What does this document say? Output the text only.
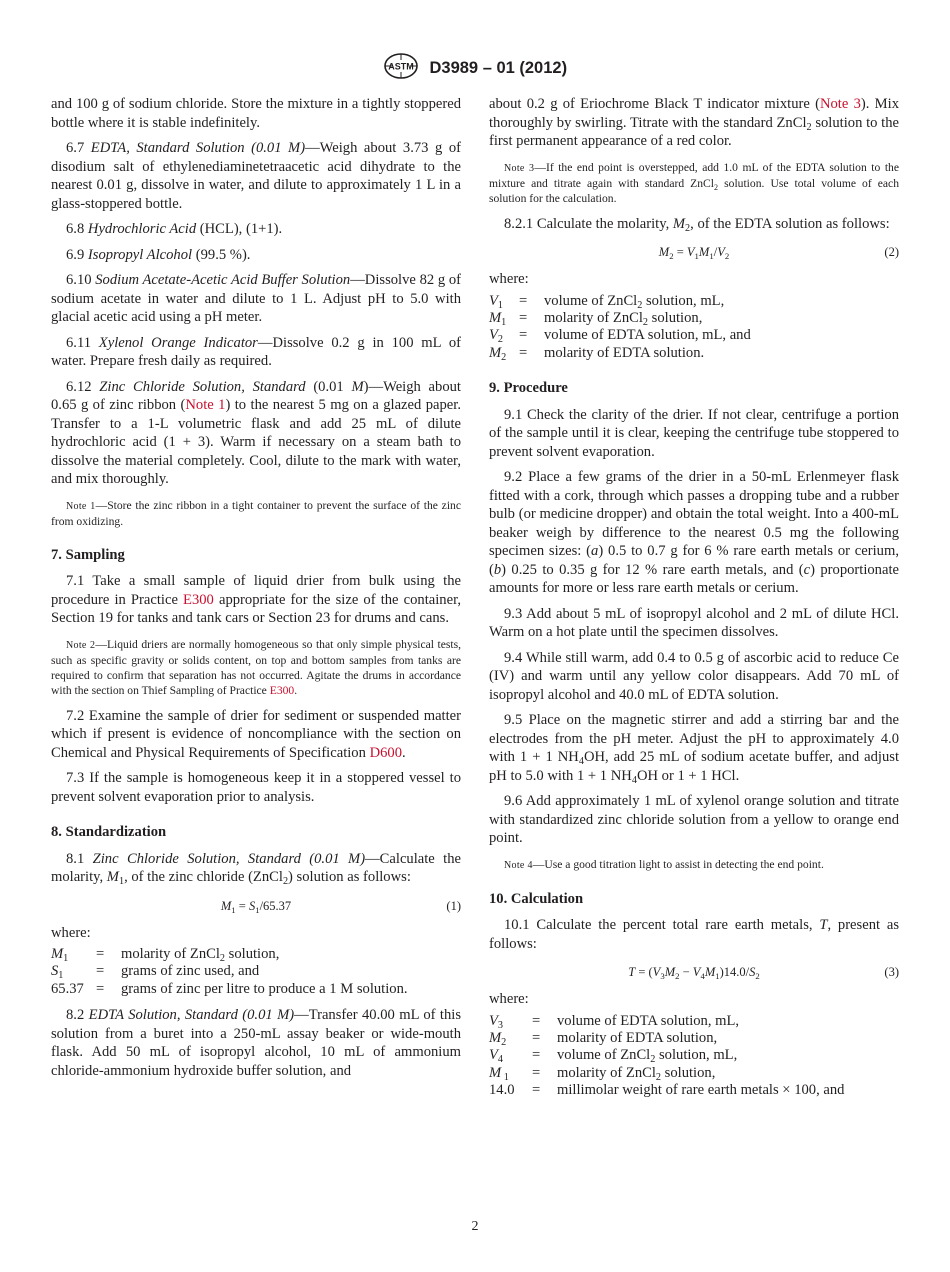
ASTM D3989 – 01 (2012)

and 100 g of sodium chloride. Store the mixture in a tightly stoppered bottle where it is stable indefinitely.

6.7 EDTA, Standard Solution (0.01 M)—Weigh about 3.73 g of disodium salt of ethylenediaminetetraacetic acid dihydrate to the nearest 0.01 g, dissolve in water, and dilute to approximately 1 L in a glass-stoppered bottle.

6.8 Hydrochloric Acid (HCL), (1+1).

6.9 Isopropyl Alcohol (99.5 %).

6.10 Sodium Acetate-Acetic Acid Buffer Solution—Dissolve 82 g of sodium acetate in water and dilute to 1 L. Adjust pH to 5.0 with glacial acetic acid using a pH meter.

6.11 Xylenol Orange Indicator—Dissolve 0.2 g in 100 mL of water. Prepare fresh daily as required.

6.12 Zinc Chloride Solution, Standard (0.01 M)—Weigh about 0.65 g of zinc ribbon (Note 1) to the nearest 5 mg on a glazed paper. Transfer to a 1-L volumetric flask and add 25 mL of dilute hydrochloric acid (1 + 3). Warm if necessary on a steam bath to dissolve the material completely. Cool, dilute to the mark with water, and mix thoroughly.

Note 1—Store the zinc ribbon in a tight container to prevent the surface of the zinc from oxidizing.
7. Sampling

7.1 Take a small sample of liquid drier from bulk using the procedure in Practice E300 appropriate for the size of the container, Section 19 for tanks and tank cars or Section 23 for drums and cans.

Note 2—Liquid driers are normally homogeneous so that only simple physical tests, such as specific gravity or solids content, on top and bottom samples from tanks are required to confirm that separation has not occurred. Agitate the drums in accordance with the section on Thief Sampling of Practice E300.

7.2 Examine the sample of drier for sediment or suspended matter which if present is evidence of noncompliance with the section on Chemical and Physical Requirements of Specification D600.

7.3 If the sample is homogeneous keep it in a stoppered vessel to prevent solvent evaporation prior to analysis.

8. Standardization

8.1 Zinc Chloride Solution, Standard (0.01 M)—Calculate the molarity, $M_1$, of the zinc chloride (ZnCl$_2$) solution as follows:

$M_1 = S_1/65.37$	(1)
where:
$M_1$	=	molarity of ZnCl$_2$ solution,
$S_1$	=	grams of zinc used, and
65.37	=	grams of zinc per litre to produce a 1 M solution.

8.2 EDTA Solution, Standard (0.01 M)—Transfer 40.00 mL of this solution from a buret into a 250-mL assay beaker or wide-mouth flask. Add 50 mL of isopropyl alcohol, 10 mL of ammonium chloride-ammonium hydroxide buffer solution, and

about 0.2 g of Eriochrome Black T indicator mixture (Note 3). Mix thoroughly by swirling. Titrate with the standard ZnCl$_2$ solution to the first permanent appearance of a red color.

Note 3—If the end point is overstepped, add 1.0 mL of the EDTA solution to the mixture and titrate again with standard ZnCl$_2$ solution. Use total volume of each solution for the calculation.

8.2.1 Calculate the molarity, $M_2$, of the EDTA solution as follows:

$M_2 = V_1M_1/V_2$	(2)
where:
$V_1$	=	volume of ZnCl$_2$ solution, mL,
$M_1$	=	molarity of ZnCl$_2$ solution,
$V_2$	=	volume of EDTA solution, mL, and
$M_2$	=	molarity of EDTA solution.
9. Procedure

9.1 Check the clarity of the drier. If not clear, centrifuge a portion of the sample until it is clear, keeping the centrifuge tube stoppered to prevent solvent evaporation.

9.2 Place a few grams of the drier in a 50-mL Erlenmeyer flask fitted with a cork, through which passes a dropping tube and a rubber bulb (or medicine dropper) and obtain the total weight. Into a 400-mL beaker weigh by difference to the nearest 0.5 mg the following specimen sizes: (a) 0.5 to 0.7 g for 6 % rare earth metals or cerium, (b) 0.25 to 0.35 g for 12 % rare earth metals, and (c) proportionate amounts for more or less rare earth metals or cerium.

9.3 Add about 5 mL of isopropyl alcohol and 2 mL of dilute HCl. Warm on a hot plate until the specimen dissolves.

9.4 While still warm, add 0.4 to 0.5 g of ascorbic acid to reduce Ce (IV) and warm until any yellow color disappears. Add 70 mL of isopropyl alcohol and 40.0 mL of EDTA solution.

9.5 Place on the magnetic stirrer and add a stirring bar and the electrodes from the pH meter. Adjust the pH to approximately 4.0 with 1 + 1 $NH_4OH$, add 25 mL of sodium acetate buffer, and adjust pH to 5.0 with 1 + 1 $NH_4OH$ or 1 + 1 HCl.

9.6 Add approximately 1 mL of xylenol orange solution and titrate with standardized zinc chloride solution from a yellow to orange end point.

Note 4—Use a good titration light to assist in detecting the end point.
10. Calculation

10.1 Calculate the percent total rare earth metals, T, present as follows:

$T = (V_3M_2 - V_4M_1)14.0/S_2$	(3)
where:
$V_3$	=	volume of EDTA solution, mL,
$M_2$	=	molarity of EDTA solution,
$V_4$	=	volume of ZnCl$_2$ solution, mL,
M $_1$	=	molarity of ZnCl$_2$ solution,
14.0	=	millimolar weight of rare earth metals × 100, and
2
